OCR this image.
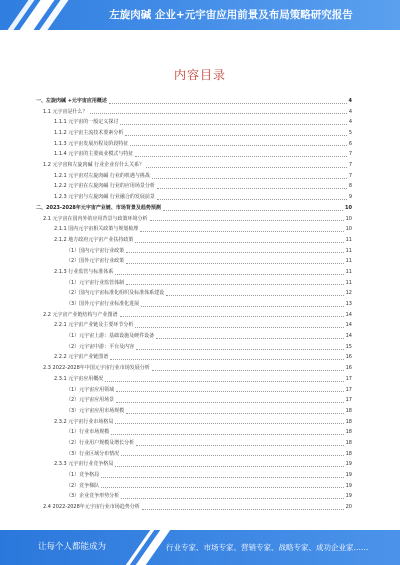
左旋肉碱 企业+元宇宙应用前景及布局策略研究报告
内容目录
一、左旋肉碱 +元宇宙应用概述	4
1.1 元宇宙是什么？	4
1.1.1 元宇宙的一般定义探讨	4
1.1.2 元宇宙主流技术要素分析	5
1.1.3 元宇宙发展历程及阶段特征	6
1.1.4 元宇宙的主要商业模式与特征	7
1.2 元宇宙和左旋肉碱 行业企业有什么关系？	7
1.2.1 元宇宙对左旋肉碱 行业的机遇与挑战	7
1.2.2 元宇宙在左旋肉碱 行业的应用场景分析	8
1.2.3 元宇宙与左旋肉碱 行业融合的发展前景	9
二、2023-2028年元宇宙产业链、市场背景及趋势预测	10
2.1 元宇宙在国内外的应用背景与政策环境分析	10
2.1.1 国内元宇宙相关政策与规划梳理	10
2.1.2 地方政府元宇宙产业扶持政策	11
（1）国内元宇宙行业政策	11
（2）国外元宇宙行业政策	11
2.1.3 行业监管与标准体系	11
（1）元宇宙行业监管体制	11
（2）国内元宇宙标准化组织及标准体系建设	12
（3）国外元宇宙行业标准化进展	13
2.2 元宇宙产业链结构与产业图谱	14
2.2.1 元宇宙产业链及主要环节分析	14
（1）元宇宙上游：基础设施及硬件设备	14
（2）元宇宙中游：平台及内容	15
2.2.2 元宇宙产业链图谱	16
2.3 2022-2028年中国元宇宙行业市场发展分析	16
2.3.1 元宇宙应用概况	17
（1）元宇宙应用领域	17
（2）元宇宙应用场景	17
（3）元宇宙应用市场规模	18
2.3.2 元宇宙行业市场格局	18
（1）行业市场规模	18
（2）行业用户规模及增长分析	18
（3）行业区域分布情况	18
2.3.3 元宇宙行业竞争格局	19
（1）竞争格局	19
（2）竞争梯队	19
（3）企业竞争形势分析	19
2.4 2022-2028年元宇宙行业市场趋势分析	20
让每个人都能成为	行业专家、市场专家、营销专家、战略专家、成功企业家……
